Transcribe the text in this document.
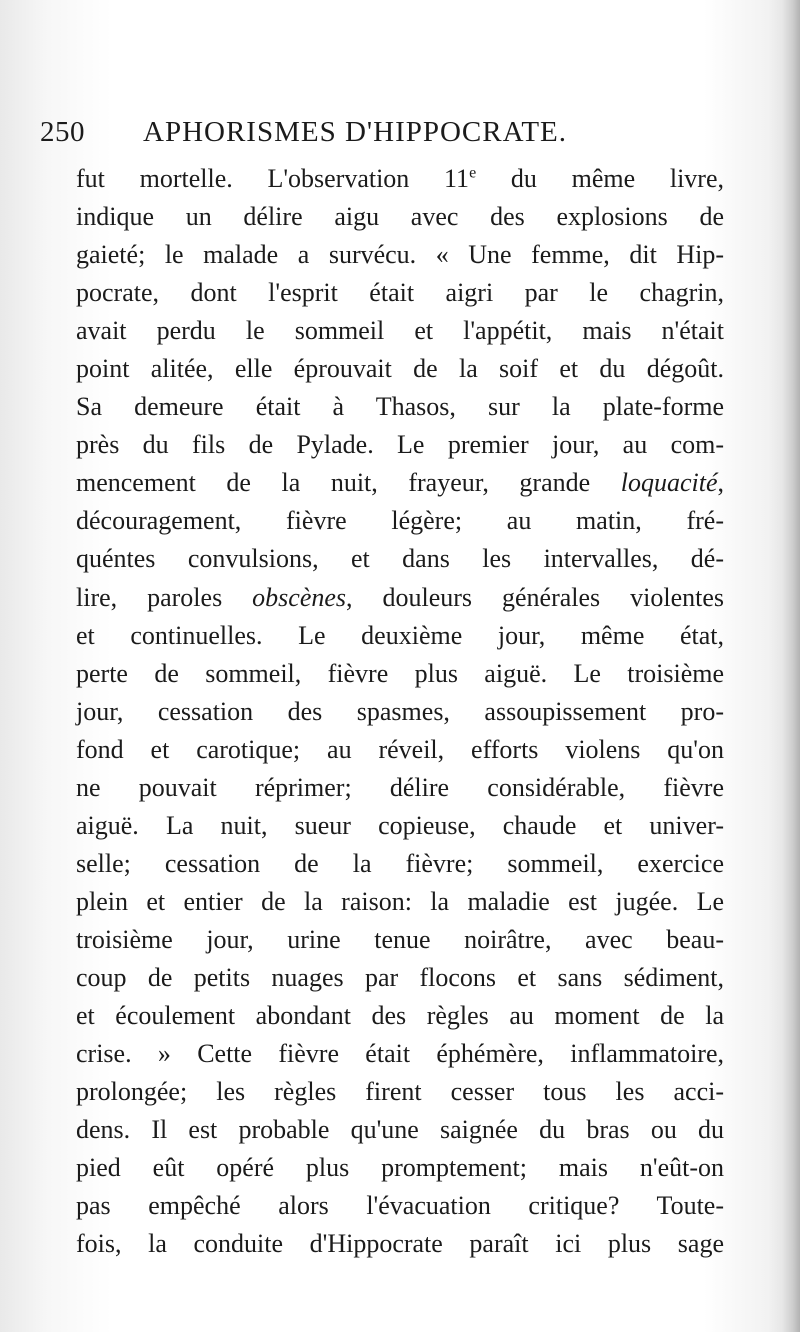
250 APHORISMES D'HIPPOCRATE.
fut mortelle. L'observation 11e du même livre,
indique un délire aigu avec des explosions de
gaieté; le malade a survécu. « Une femme, dit Hip-
pocrate, dont l'esprit était aigri par le chagrin,
avait perdu le sommeil et l'appétit, mais n'était
point alitée, elle éprouvait de la soif et du dégoût.
Sa demeure était à Thasos, sur la plate-forme
près du fils de Pylade. Le premier jour, au com-
mencement de la nuit, frayeur, grande loquacité,
découragement, fièvre légère; au matin, fré-
quéntes convulsions, et dans les intervalles, dé-
lire, paroles obscènes, douleurs générales violentes
et continuelles. Le deuxième jour, même état,
perte de sommeil, fièvre plus aiguë. Le troisième
jour, cessation des spasmes, assoupissement pro-
fond et carotique; au réveil, efforts violens qu'on
ne pouvait réprimer; délire considérable, fièvre
aiguë. La nuit, sueur copieuse, chaude et univer-
selle; cessation de la fièvre; sommeil, exercice
plein et entier de la raison: la maladie est jugée. Le
troisième jour, urine tenue noirâtre, avec beau-
coup de petits nuages par flocons et sans sédiment,
et écoulement abondant des règles au moment de la
crise. » Cette fièvre était éphémère, inflammatoire,
prolongée; les règles firent cesser tous les acci-
dens. Il est probable qu'une saignée du bras ou du
pied eût opéré plus promptement; mais n'eût-on
pas empêché alors l'évacuation critique? Toute-
fois, la conduite d'Hippocrate paraît ici plus sage
